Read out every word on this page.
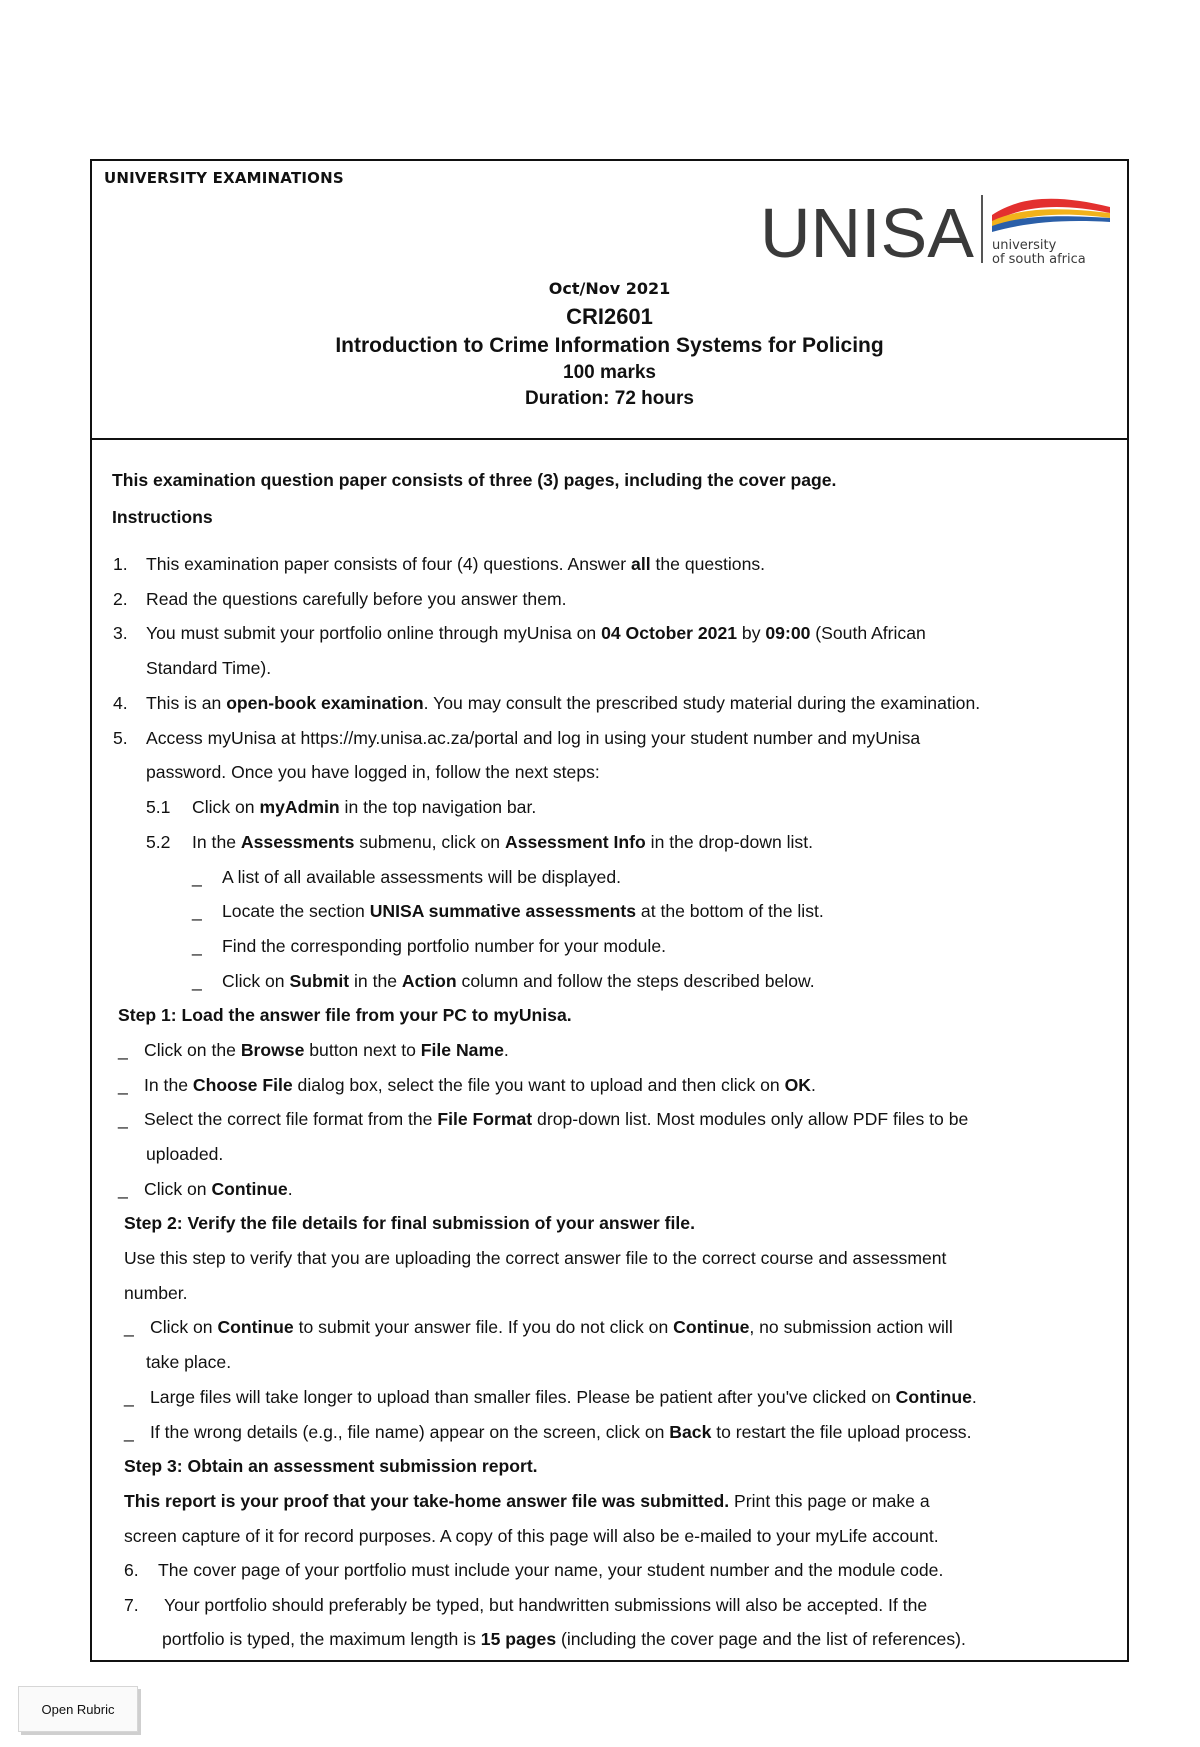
UNIVERSITY EXAMINATIONS
UNISA university
of south africa
Oct/Nov 2021
CRI2601
Introduction to Crime Information Systems for Policing
100 marks
Duration: 72 hours
This examination question paper consists of three (3) pages, including the cover page.
Instructions
1. This examination paper consists of four (4) questions. Answer all the questions.
2. Read the questions carefully before you answer them.
3. You must submit your portfolio online through myUnisa on 04 October 2021 by 09:00 (South African
Standard Time).
4. This is an open-book examination. You may consult the prescribed study material during the examination.
5. Access myUnisa at https://my.unisa.ac.za/portal and log in using your student number and myUnisa
password. Once you have logged in, follow the next steps:
5.1 Click on myAdmin in the top navigation bar.
5.2 In the Assessments submenu, click on Assessment Info in the drop-down list.
_ A list of all available assessments will be displayed.
_ Locate the section UNISA summative assessments at the bottom of the list.
_ Find the corresponding portfolio number for your module.
_ Click on Submit in the Action column and follow the steps described below.
Step 1: Load the answer file from your PC to myUnisa.
_ Click on the Browse button next to File Name.
_ In the Choose File dialog box, select the file you want to upload and then click on OK.
_ Select the correct file format from the File Format drop-down list. Most modules only allow PDF files to be
uploaded.
_ Click on Continue.
Step 2: Verify the file details for final submission of your answer file.
Use this step to verify that you are uploading the correct answer file to the correct course and assessment
number.
_ Click on Continue to submit your answer file. If you do not click on Continue, no submission action will
take place.
_ Large files will take longer to upload than smaller files. Please be patient after you've clicked on Continue.
_ If the wrong details (e.g., file name) appear on the screen, click on Back to restart the file upload process.
Step 3: Obtain an assessment submission report.
This report is your proof that your take-home answer file was submitted. Print this page or make a
screen capture of it for record purposes. A copy of this page will also be e-mailed to your myLife account.
6. The cover page of your portfolio must include your name, your student number and the module code.
7. Your portfolio should preferably be typed, but handwritten submissions will also be accepted. If the
portfolio is typed, the maximum length is 15 pages (including the cover page and the list of references).
Open Rubric
